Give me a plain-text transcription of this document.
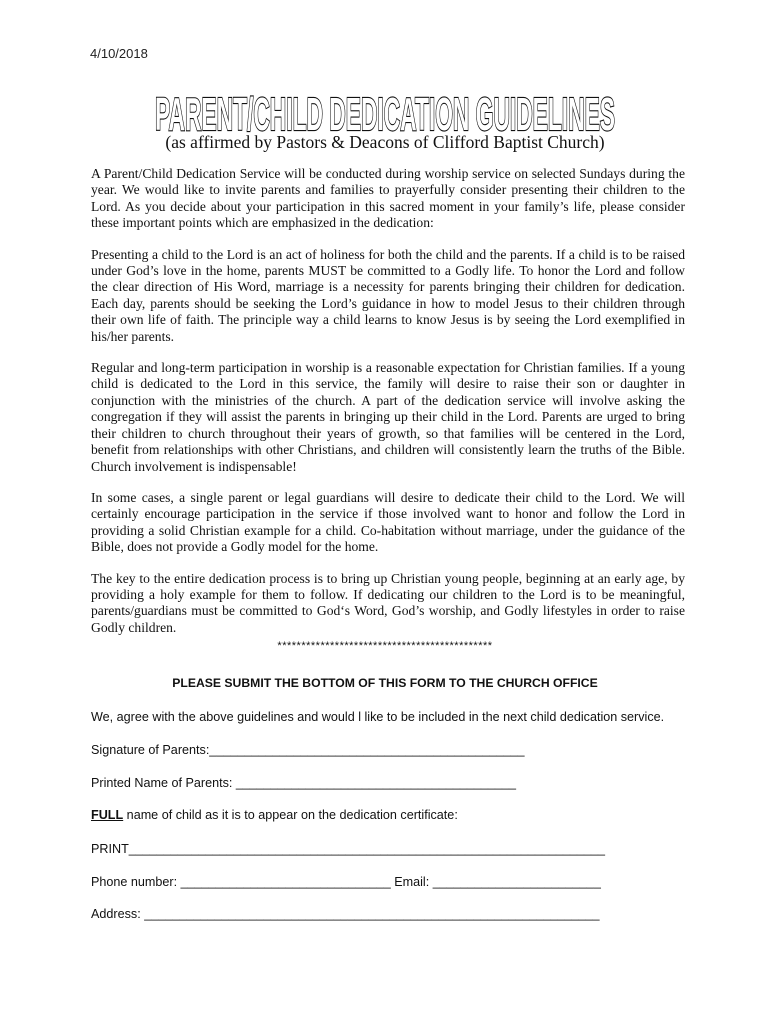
4/10/2018
PARENT/CHILD DEDICATION GUIDELINES
(as affirmed by Pastors & Deacons of Clifford Baptist Church)

A Parent/Child Dedication Service will be conducted during worship service on selected Sundays during the year. We would like to invite parents and families to prayerfully consider presenting their children to the Lord. As you decide about your participation in this sacred moment in your family’s life, please consider these important points which are emphasized in the dedication:

Presenting a child to the Lord is an act of holiness for both the child and the parents. If a child is to be raised under God’s love in the home, parents MUST be committed to a Godly life. To honor the Lord and follow the clear direction of His Word, marriage is a necessity for parents bringing their children for dedication. Each day, parents should be seeking the Lord’s guidance in how to model Jesus to their children through their own life of faith. The principle way a child learns to know Jesus is by seeing the Lord exemplified in his/her parents.

Regular and long-term participation in worship is a reasonable expectation for Christian families. If a young child is dedicated to the Lord in this service, the family will desire to raise their son or daughter in conjunction with the ministries of the church. A part of the dedication service will involve asking the congregation if they will assist the parents in bringing up their child in the Lord. Parents are urged to bring their children to church throughout their years of growth, so that families will be centered in the Lord, benefit from relationships with other Christians, and children will consistently learn the truths of the Bible. Church involvement is indispensable!

In some cases, a single parent or legal guardians will desire to dedicate their child to the Lord. We will certainly encourage participation in the service if those involved want to honor and follow the Lord in providing a solid Christian example for a child. Co-habitation without marriage, under the guidance of the Bible, does not provide a Godly model for the home.

The key to the entire dedication process is to bring up Christian young people, beginning at an early age, by providing a holy example for them to follow. If dedicating our children to the Lord is to be meaningful, parents/guardians must be committed to God‘s Word, God’s worship, and Godly lifestyles in order to raise Godly children.

*********************************************
PLEASE SUBMIT THE BOTTOM OF THIS FORM TO THE CHURCH OFFICE
We, agree with the above guidelines and would l like to be included in the next child dedication service.
Signature of Parents:_____________________________________________
Printed Name of Parents: ________________________________________
FULL name of child as it is to appear on the dedication certificate:
PRINT____________________________________________________________________
Phone number: ______________________________ Email: ________________________
Address: _________________________________________________________________
